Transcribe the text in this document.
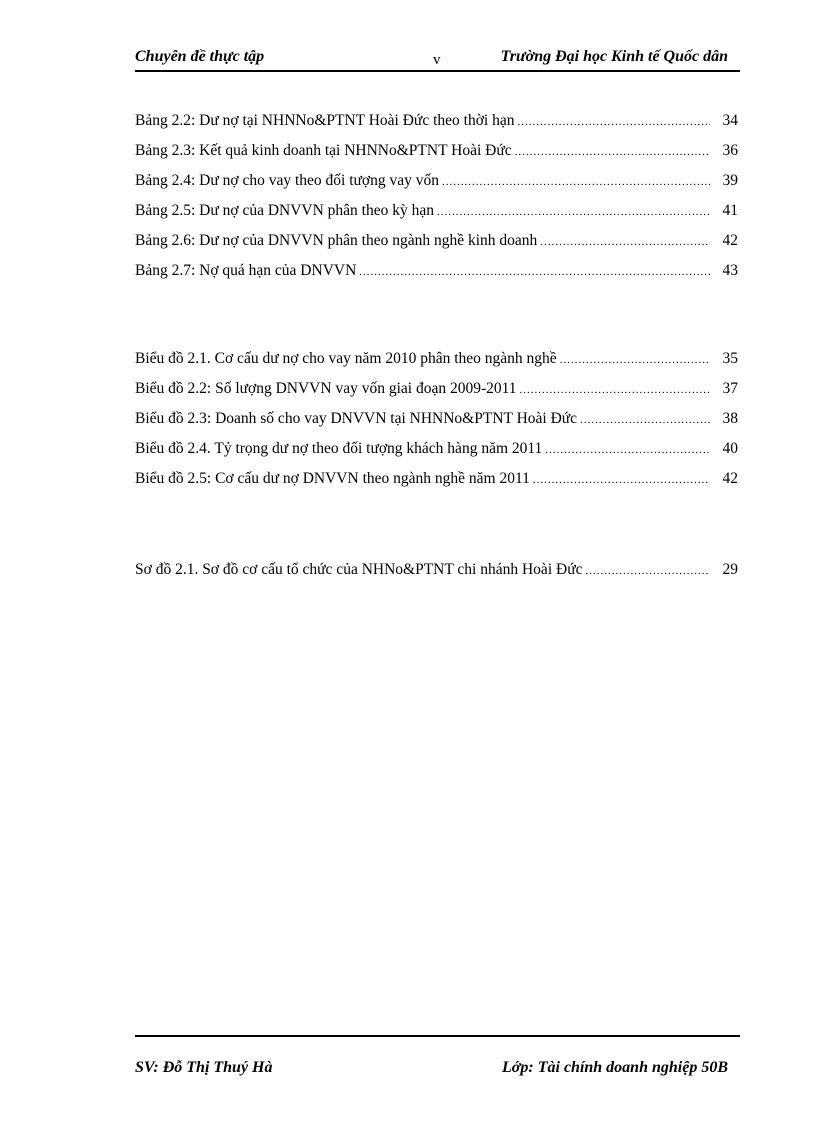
Chuyên đề thực tập	v	Trường Đại học Kinh tế Quốc dân
Bảng 2.2: Dư nợ tại NHNNo&PTNT Hoài Đức theo thời hạn .....	34
Bảng 2.3: Kết quả kinh doanh tại NHNNo&PTNT Hoài Đức .....	36
Bảng 2.4: Dư nợ cho vay theo đối tượng vay vốn .....	39
Bảng 2.5: Dư nợ của DNVVN phân theo kỳ hạn .....	41
Bảng 2.6: Dư nợ của DNVVN phân theo ngành nghề kinh doanh .....	42
Bảng 2.7: Nợ quá hạn của DNVVN .....	43
Biểu đồ 2.1. Cơ cấu dư nợ cho vay năm 2010 phân theo ngành nghề .....	35
Biểu đồ 2.2: Số lượng DNVVN vay vốn giai đoạn 2009-2011 .....	37
Biểu đồ 2.3: Doanh số cho vay DNVVN tại NHNNo&PTNT Hoài Đức .....	38
Biểu đồ 2.4. Tỷ trọng dư nợ theo đối tượng khách hàng năm 2011 .....	40
Biểu đồ 2.5: Cơ cấu dư nợ DNVVN theo ngành nghề năm 2011 .....	42
Sơ đồ 2.1. Sơ đồ cơ cấu tổ chức của NHNo&PTNT chi nhánh Hoài Đức .....	29
SV: Đỗ Thị Thuý Hà	Lớp: Tài chính doanh nghiệp 50B
